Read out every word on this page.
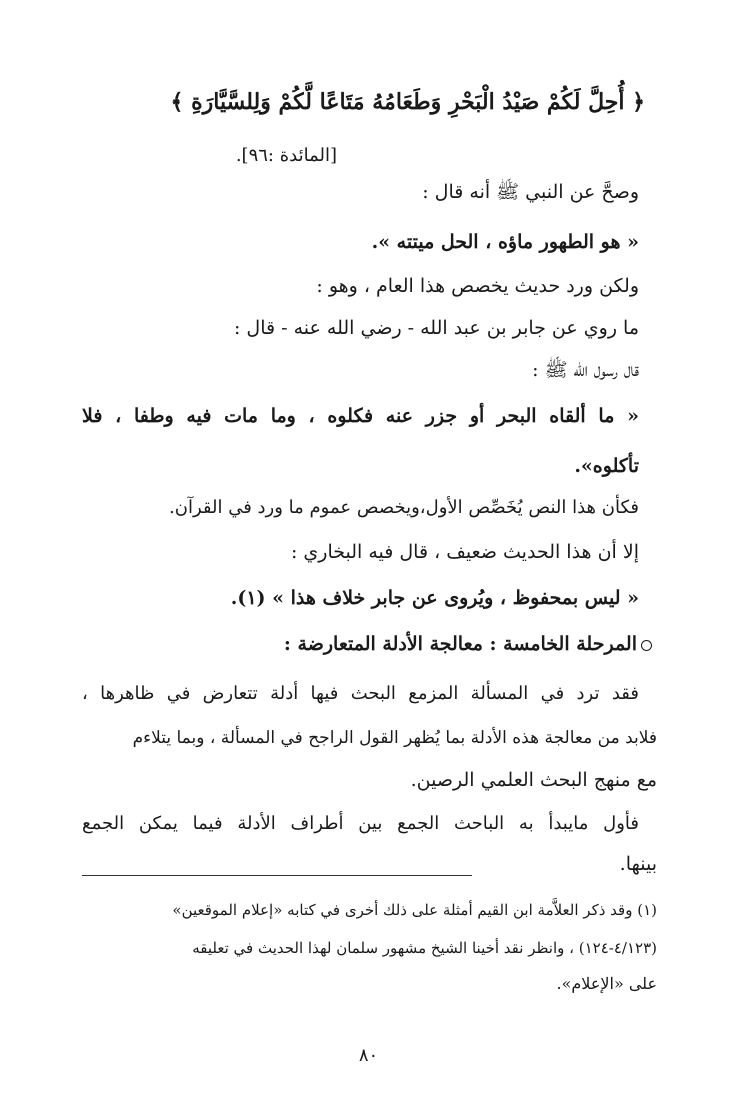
﴿ أُحِلَّ لَكُمْ صَيْدُ الْبَحْرِ وَطَعَامُهُ مَتَاعًا لَّكُمْ وَلِلسَّيَّارَةِ ﴾
[المائدة :٩٦].
وصحَّ عن النبي ﷺ أنه قال :
« هو الطهور ماؤه ، الحل ميتته ».
ولكن ورد حديث يخصص هذا العام ، وهو :
ما روي عن جابر بن عبد الله - رضي الله عنه - قال :
قال رسول الله ﷺ :
« ما ألقاه البحر أو جزر عنه فكلوه ، وما مات فيه وطفا ، فلا
تأكلوه».
فكأن هذا النص يُخَصِّص الأول،ويخصص عموم ما ورد في القرآن.
إلا أن هذا الحديث ضعيف ، قال فيه البخاري :
« ليس بمحفوظ ، ويُروى عن جابر خلاف هذا » (١).
المرحلة الخامسة : معالجة الأدلة المتعارضة :
فقد ترد في المسألة المزمع البحث فيها أدلة تتعارض في ظاهرها ،
فلابد من معالجة هذه الأدلة بما يُظهر القول الراجح في المسألة ، وبما يتلاءم
مع منهج البحث العلمي الرصين.
فأول مايبدأ به الباحث الجمع بين أطراف الأدلة فيما يمكن الجمع
بينها.
(١) وقد ذكر العلاَّمة ابن القيم أمثلة على ذلك أخرى في كتابه «إعلام الموقعين»
(٤/١٢٣-١٢٤) ، وانظر نقد أخينا الشيخ مشهور سلمان لهذا الحديث في تعليقه
على «الإعلام».
٨٠
